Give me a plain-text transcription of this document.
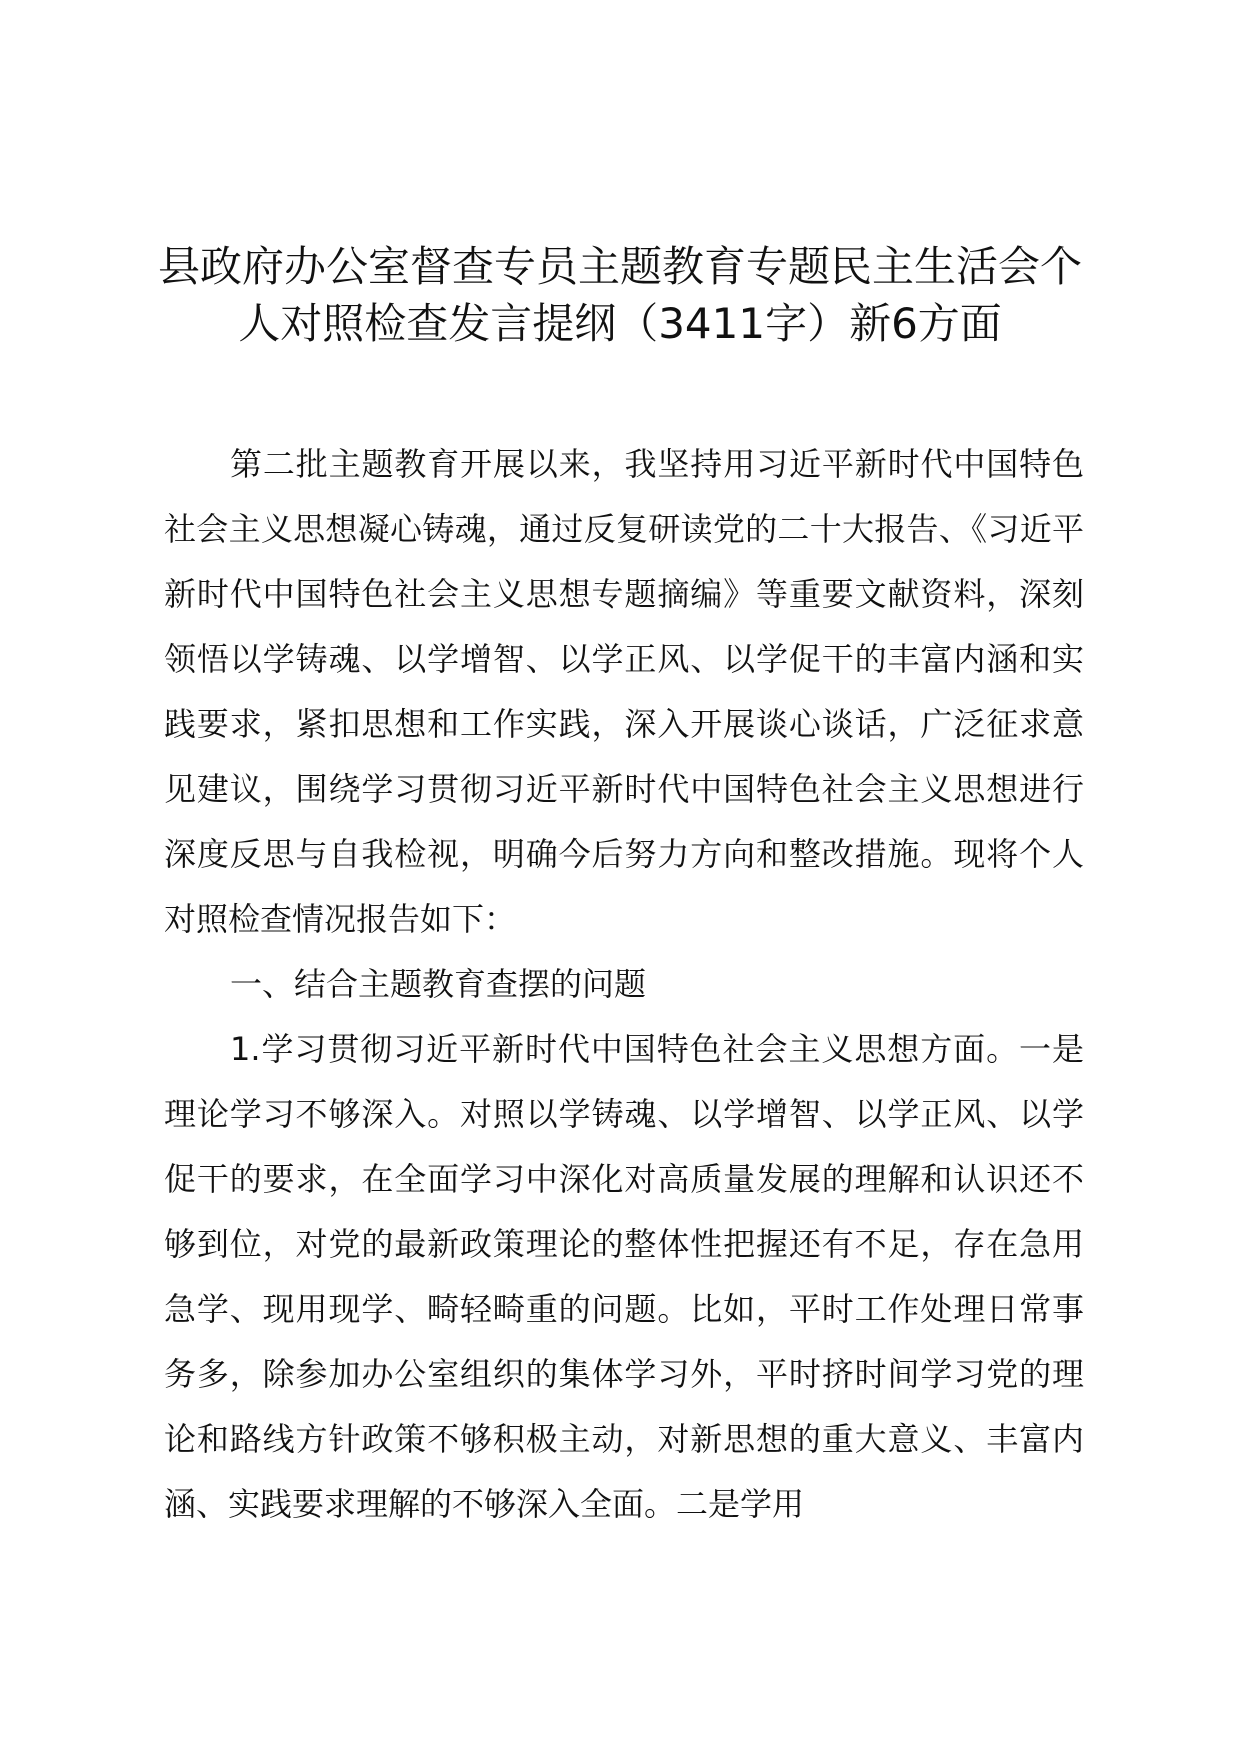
县政府办公室督查专员主题教育专题民主生活会个人对照检查发言提纲（3411字）新6方面

第二批主题教育开展以来，我坚持用习近平新时代中国特色社会主义思想凝心铸魂，通过反复研读党的二十大报告、《习近平新时代中国特色社会主义思想专题摘编》等重要文献资料，深刻领悟以学铸魂、以学增智、以学正风、以学促干的丰富内涵和实践要求，紧扣思想和工作实践，深入开展谈心谈话，广泛征求意见建议，围绕学习贯彻习近平新时代中国特色社会主义思想进行深度反思与自我检视，明确今后努力方向和整改措施。现将个人对照检查情况报告如下：

一、结合主题教育查摆的问题

1.学习贯彻习近平新时代中国特色社会主义思想方面。一是理论学习不够深入。对照以学铸魂、以学增智、以学正风、以学促干的要求，在全面学习中深化对高质量发展的理解和认识还不够到位，对党的最新政策理论的整体性把握还有不足，存在急用急学、现用现学、畸轻畸重的问题。比如，平时工作处理日常事务多，除参加办公室组织的集体学习外，平时挤时间学习党的理论和路线方针政策不够积极主动，对新思想的重大意义、丰富内涵、实践要求理解的不够深入全面。二是学用
